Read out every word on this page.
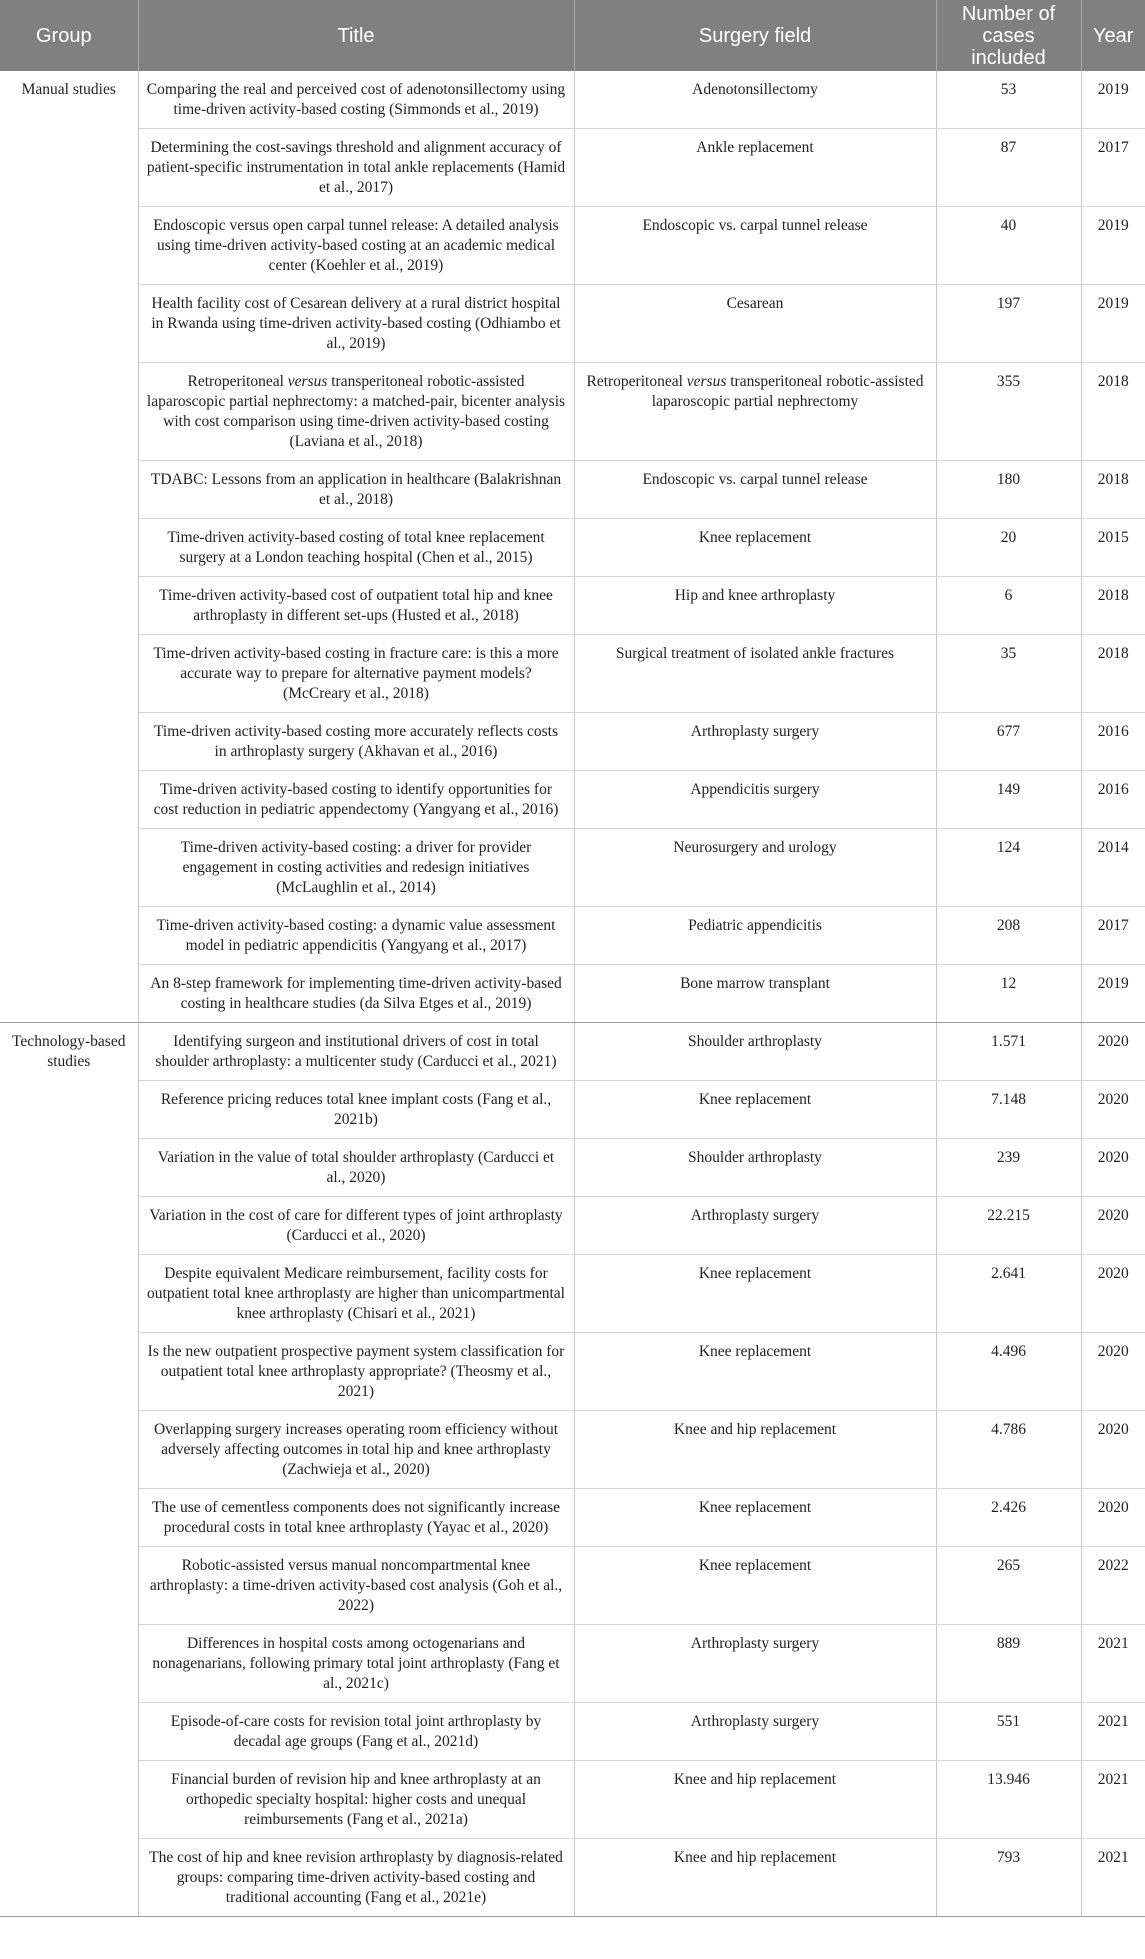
Group	Title	Surgery field	Number of cases included	Year
Manual studies	Comparing the real and perceived cost of adenotonsillectomy using time-driven activity-based costing (Simmonds et al., 2019)	Adenotonsillectomy	53	2019
	Determining the cost-savings threshold and alignment accuracy of patient-specific instrumentation in total ankle replacements (Hamid et al., 2017)	Ankle replacement	87	2017
	Endoscopic versus open carpal tunnel release: A detailed analysis using time-driven activity-based costing at an academic medical center (Koehler et al., 2019)	Endoscopic vs. carpal tunnel release	40	2019
	Health facility cost of Cesarean delivery at a rural district hospital in Rwanda using time-driven activity-based costing (Odhiambo et al., 2019)	Cesarean	197	2019
	Retroperitoneal versus transperitoneal robotic-assisted laparoscopic partial nephrectomy: a matched-pair, bicenter analysis with cost comparison using time-driven activity-based costing (Laviana et al., 2018)	Retroperitoneal versus transperitoneal robotic-assisted laparoscopic partial nephrectomy	355	2018
	TDABC: Lessons from an application in healthcare (Balakrishnan et al., 2018)	Endoscopic vs. carpal tunnel release	180	2018
	Time-driven activity-based costing of total knee replacement surgery at a London teaching hospital (Chen et al., 2015)	Knee replacement	20	2015
	Time-driven activity-based cost of outpatient total hip and knee arthroplasty in different set-ups (Husted et al., 2018)	Hip and knee arthroplasty	6	2018
	Time-driven activity-based costing in fracture care: is this a more accurate way to prepare for alternative payment models? (McCreary et al., 2018)	Surgical treatment of isolated ankle fractures	35	2018
	Time-driven activity-based costing more accurately reflects costs in arthroplasty surgery (Akhavan et al., 2016)	Arthroplasty surgery	677	2016
	Time-driven activity-based costing to identify opportunities for cost reduction in pediatric appendectomy (Yangyang et al., 2016)	Appendicitis surgery	149	2016
	Time-driven activity-based costing: a driver for provider engagement in costing activities and redesign initiatives (McLaughlin et al., 2014)	Neurosurgery and urology	124	2014
	Time-driven activity-based costing: a dynamic value assessment model in pediatric appendicitis (Yangyang et al., 2017)	Pediatric appendicitis	208	2017
	An 8-step framework for implementing time-driven activity-based costing in healthcare studies (da Silva Etges et al., 2019)	Bone marrow transplant	12	2019
Technology-based studies	Identifying surgeon and institutional drivers of cost in total shoulder arthroplasty: a multicenter study (Carducci et al., 2021)	Shoulder arthroplasty	1.571	2020
	Reference pricing reduces total knee implant costs (Fang et al., 2021b)	Knee replacement	7.148	2020
	Variation in the value of total shoulder arthroplasty (Carducci et al., 2020)	Shoulder arthroplasty	239	2020
	Variation in the cost of care for different types of joint arthroplasty (Carducci et al., 2020)	Arthroplasty surgery	22.215	2020
	Despite equivalent Medicare reimbursement, facility costs for outpatient total knee arthroplasty are higher than unicompartmental knee arthroplasty (Chisari et al., 2021)	Knee replacement	2.641	2020
	Is the new outpatient prospective payment system classification for outpatient total knee arthroplasty appropriate? (Theosmy et al., 2021)	Knee replacement	4.496	2020
	Overlapping surgery increases operating room efficiency without adversely affecting outcomes in total hip and knee arthroplasty (Zachwieja et al., 2020)	Knee and hip replacement	4.786	2020
	The use of cementless components does not significantly increase procedural costs in total knee arthroplasty (Yayac et al., 2020)	Knee replacement	2.426	2020
	Robotic-assisted versus manual noncompartmental knee arthroplasty: a time-driven activity-based cost analysis (Goh et al., 2022)	Knee replacement	265	2022
	Differences in hospital costs among octogenarians and nonagenarians, following primary total joint arthroplasty (Fang et al., 2021c)	Arthroplasty surgery	889	2021
	Episode-of-care costs for revision total joint arthroplasty by decadal age groups (Fang et al., 2021d)	Arthroplasty surgery	551	2021
	Financial burden of revision hip and knee arthroplasty at an orthopedic specialty hospital: higher costs and unequal reimbursements (Fang et al., 2021a)	Knee and hip replacement	13.946	2021
	The cost of hip and knee revision arthroplasty by diagnosis-related groups: comparing time-driven activity-based costing and traditional accounting (Fang et al., 2021e)	Knee and hip replacement	793	2021
